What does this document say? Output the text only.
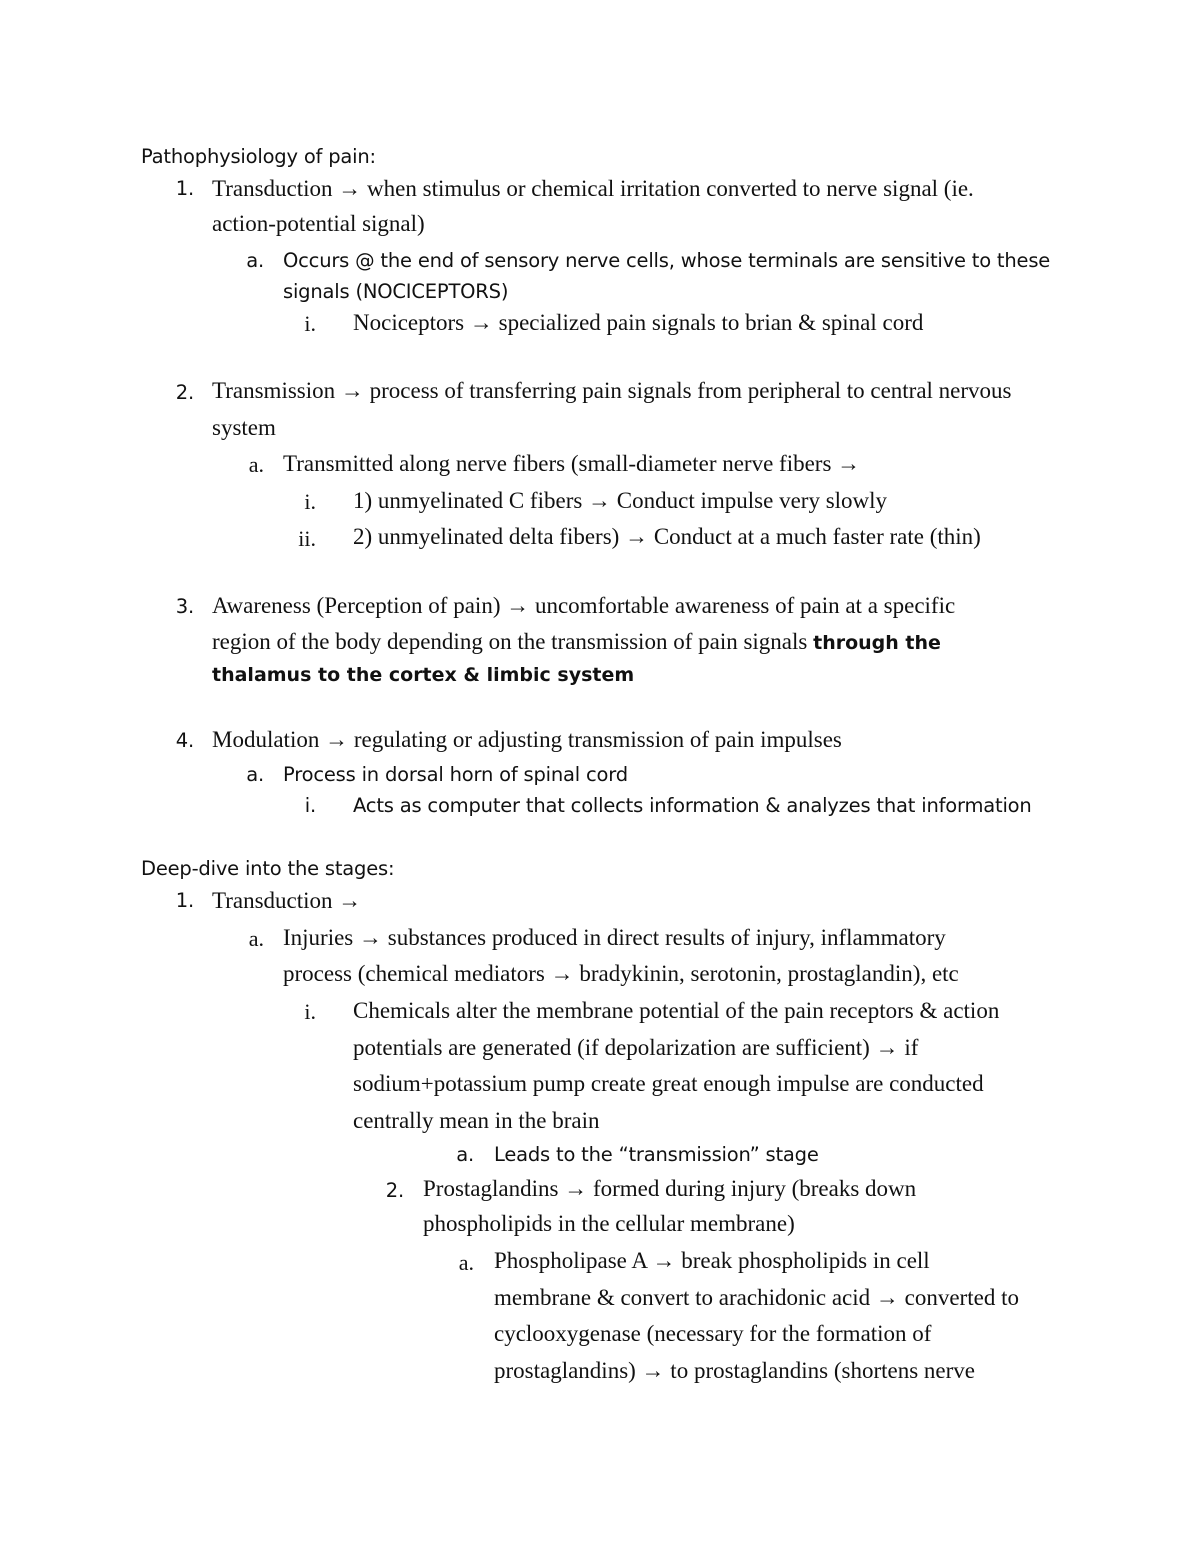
Pathophysiology of pain:
1. Transduction → when stimulus or chemical irritation converted to nerve signal (ie.
action-potential signal)
a. Occurs @ the end of sensory nerve cells, whose terminals are sensitive to these
signals (NOCICEPTORS)
i. Nociceptors → specialized pain signals to brian & spinal cord
2. Transmission → process of transferring pain signals from peripheral to central nervous
system
a. Transmitted along nerve fibers (small-diameter nerve fibers →
i. 1) unmyelinated C fibers → Conduct impulse very slowly
ii. 2) unmyelinated delta fibers) → Conduct at a much faster rate (thin)
3. Awareness (Perception of pain) → uncomfortable awareness of pain at a specific
region of the body depending on the transmission of pain signals through the
thalamus to the cortex & limbic system
4. Modulation → regulating or adjusting transmission of pain impulses
a. Process in dorsal horn of spinal cord
i. Acts as computer that collects information & analyzes that information
Deep-dive into the stages:
1. Transduction →
a. Injuries → substances produced in direct results of injury, inflammatory
process (chemical mediators → bradykinin, serotonin, prostaglandin), etc
i. Chemicals alter the membrane potential of the pain receptors & action
potentials are generated (if depolarization are sufficient) → if
sodium+potassium pump create great enough impulse are conducted
centrally mean in the brain
a. Leads to the “transmission” stage
2. Prostaglandins → formed during injury (breaks down
phospholipids in the cellular membrane)
a. Phospholipase A → break phospholipids in cell
membrane & convert to arachidonic acid → converted to
cyclooxygenase (necessary for the formation of
prostaglandins) → to prostaglandins (shortens nerve
